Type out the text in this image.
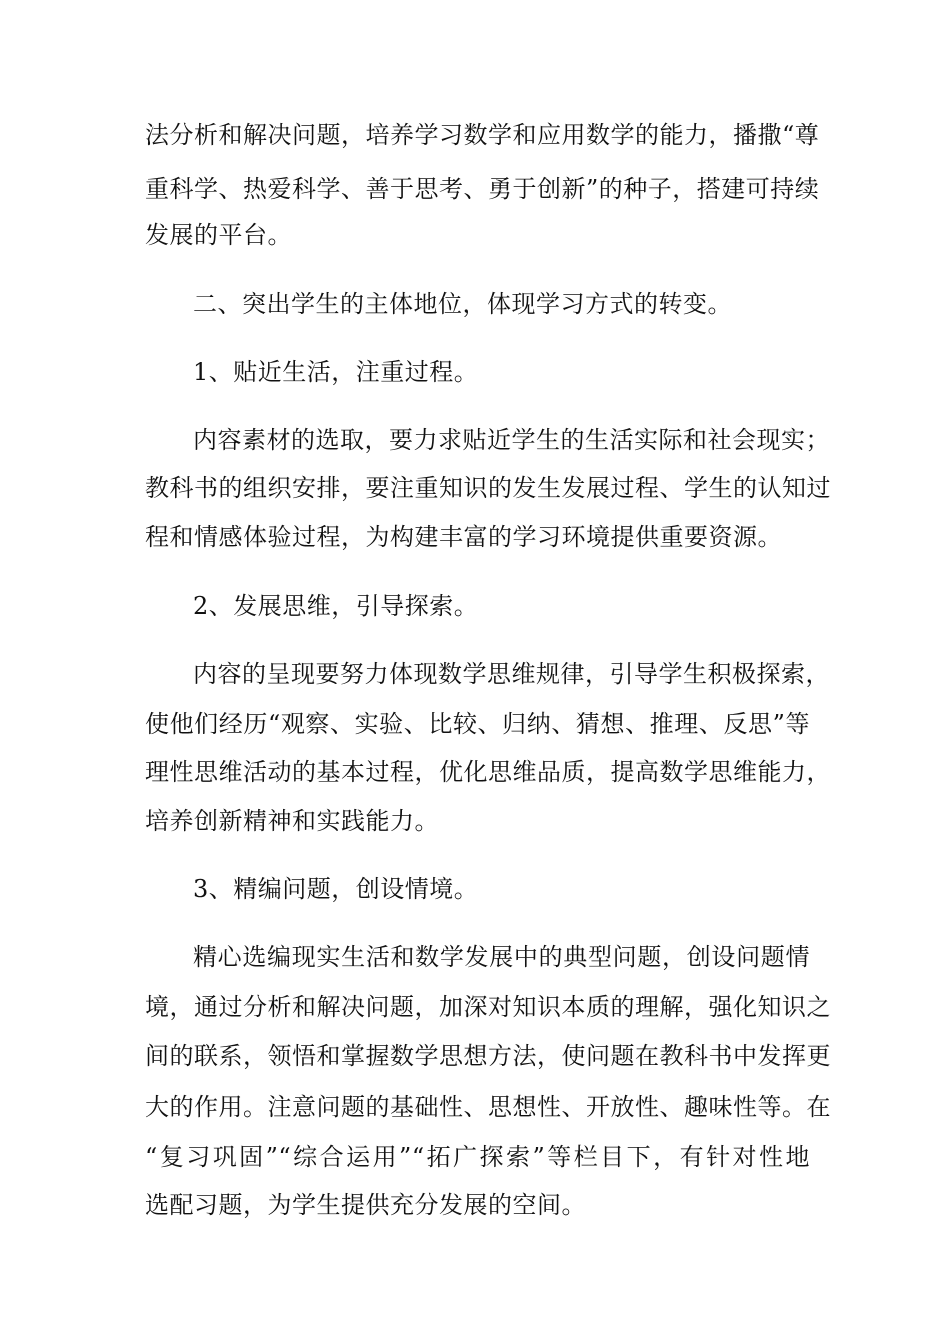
法分析和解决问题，培养学习数学和应用数学的能力，播撒“尊
重科学、热爱科学、善于思考、勇于创新”的种子，搭建可持续
发展的平台。
二、突出学生的主体地位，体现学习方式的转变。
1、贴近生活，注重过程。
内容素材的选取，要力求贴近学生的生活实际和社会现实；
教科书的组织安排，要注重知识的发生发展过程、学生的认知过
程和情感体验过程，为构建丰富的学习环境提供重要资源。
2、发展思维，引导探索。
内容的呈现要努力体现数学思维规律，引导学生积极探索，
使他们经历“观察、实验、比较、归纳、猜想、推理、反思”等
理性思维活动的基本过程，优化思维品质，提高数学思维能力，
培养创新精神和实践能力。
3、精编问题，创设情境。
精心选编现实生活和数学发展中的典型问题，创设问题情
境，通过分析和解决问题，加深对知识本质的理解，强化知识之
间的联系，领悟和掌握数学思想方法，使问题在教科书中发挥更
大的作用。注意问题的基础性、思想性、开放性、趣味性等。在
“复习巩固”“综合运用”“拓广探索”等栏目下，有针对性地
选配习题，为学生提供充分发展的空间。
